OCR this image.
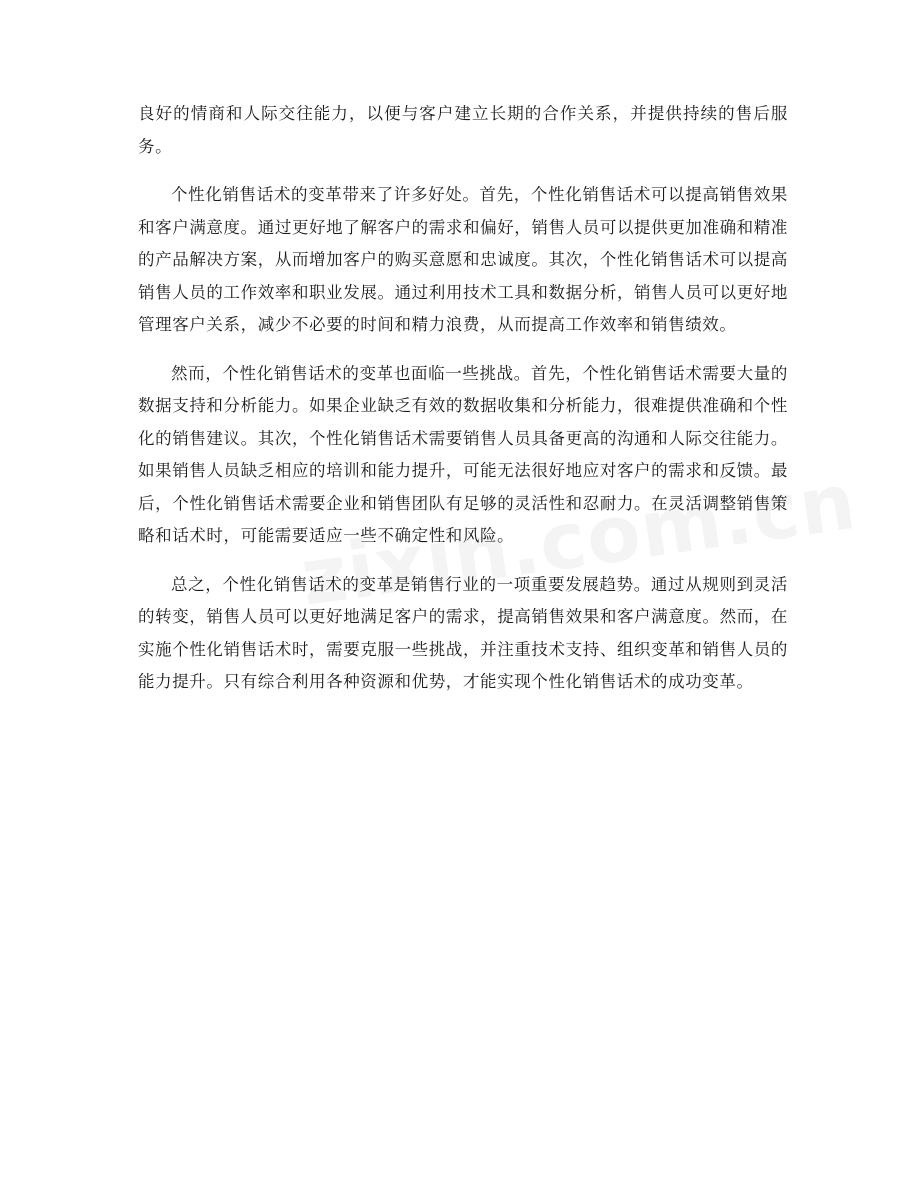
良好的情商和人际交往能力，以便与客户建立长期的合作关系，并提供持续的售后服务。

个性化销售话术的变革带来了许多好处。首先，个性化销售话术可以提高销售效果和客户满意度。通过更好地了解客户的需求和偏好，销售人员可以提供更加准确和精准的产品解决方案，从而增加客户的购买意愿和忠诚度。其次，个性化销售话术可以提高销售人员的工作效率和职业发展。通过利用技术工具和数据分析，销售人员可以更好地管理客户关系，减少不必要的时间和精力浪费，从而提高工作效率和销售绩效。

然而，个性化销售话术的变革也面临一些挑战。首先，个性化销售话术需要大量的数据支持和分析能力。如果企业缺乏有效的数据收集和分析能力，很难提供准确和个性化的销售建议。其次，个性化销售话术需要销售人员具备更高的沟通和人际交往能力。如果销售人员缺乏相应的培训和能力提升，可能无法很好地应对客户的需求和反馈。最后，个性化销售话术需要企业和销售团队有足够的灵活性和忍耐力。在灵活调整销售策略和话术时，可能需要适应一些不确定性和风险。

总之，个性化销售话术的变革是销售行业的一项重要发展趋势。通过从规则到灵活的转变，销售人员可以更好地满足客户的需求，提高销售效果和客户满意度。然而，在实施个性化销售话术时，需要克服一些挑战，并注重技术支持、组织变革和销售人员的能力提升。只有综合利用各种资源和优势，才能实现个性化销售话术的成功变革。
